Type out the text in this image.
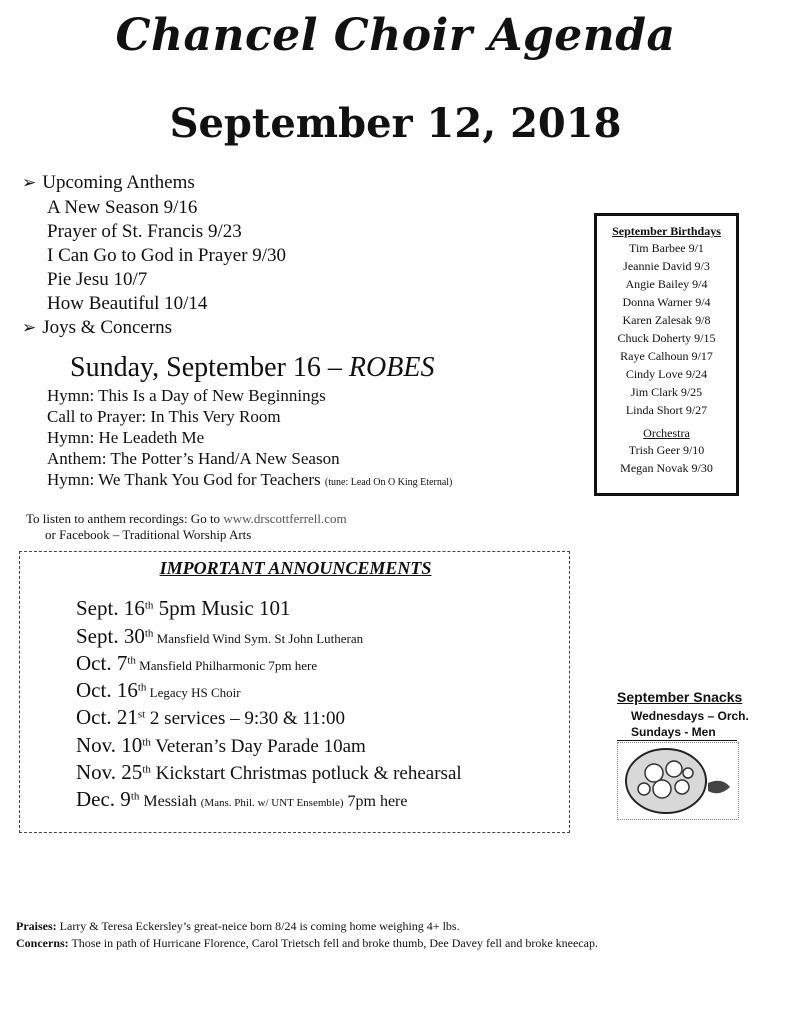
Chancel Choir Agenda
September 12, 2018
➢ Upcoming Anthems
A New Season 9/16
Prayer of St. Francis 9/23
I Can Go to God in Prayer 9/30
Pie Jesu 10/7
How Beautiful 10/14
➢ Joys & Concerns
Sunday, September 16 – ROBES
Hymn: This Is a Day of New Beginnings
Call to Prayer: In This Very Room
Hymn: He Leadeth Me
Anthem: The Potter’s Hand/A New Season
Hymn: We Thank You God for Teachers (tune: Lead On O King Eternal)
To listen to anthem recordings: Go to www.drscottferrell.com
or Facebook – Traditional Worship Arts
September Birthdays
Tim Barbee 9/1
Jeannie David 9/3
Angie Bailey 9/4
Donna Warner 9/4
Karen Zalesak 9/8
Chuck Doherty 9/15
Raye Calhoun 9/17
Cindy Love 9/24
Jim Clark 9/25
Linda Short 9/27
Orchestra
Trish Geer 9/10
Megan Novak 9/30
IMPORTANT ANNOUNCEMENTS
Sept. 16th 5pm Music 101
Sept. 30th Mansfield Wind Sym. St John Lutheran
Oct. 7th Mansfield Philharmonic 7pm here
Oct. 16th Legacy HS Choir
Oct. 21st 2 services – 9:30 & 11:00
Nov. 10th Veteran’s Day Parade 10am
Nov. 25th Kickstart Christmas potluck & rehearsal
Dec. 9th Messiah (Mans. Phil. w/ UNT Ensemble) 7pm here
September Snacks
Wednesdays – Orch.
Sundays - Men
Praises: Larry & Teresa Eckersley’s great-neice born 8/24 is coming home weighing 4+ lbs.
Concerns: Those in path of Hurricane Florence, Carol Trietsch fell and broke thumb, Dee Davey fell and broke kneecap.
